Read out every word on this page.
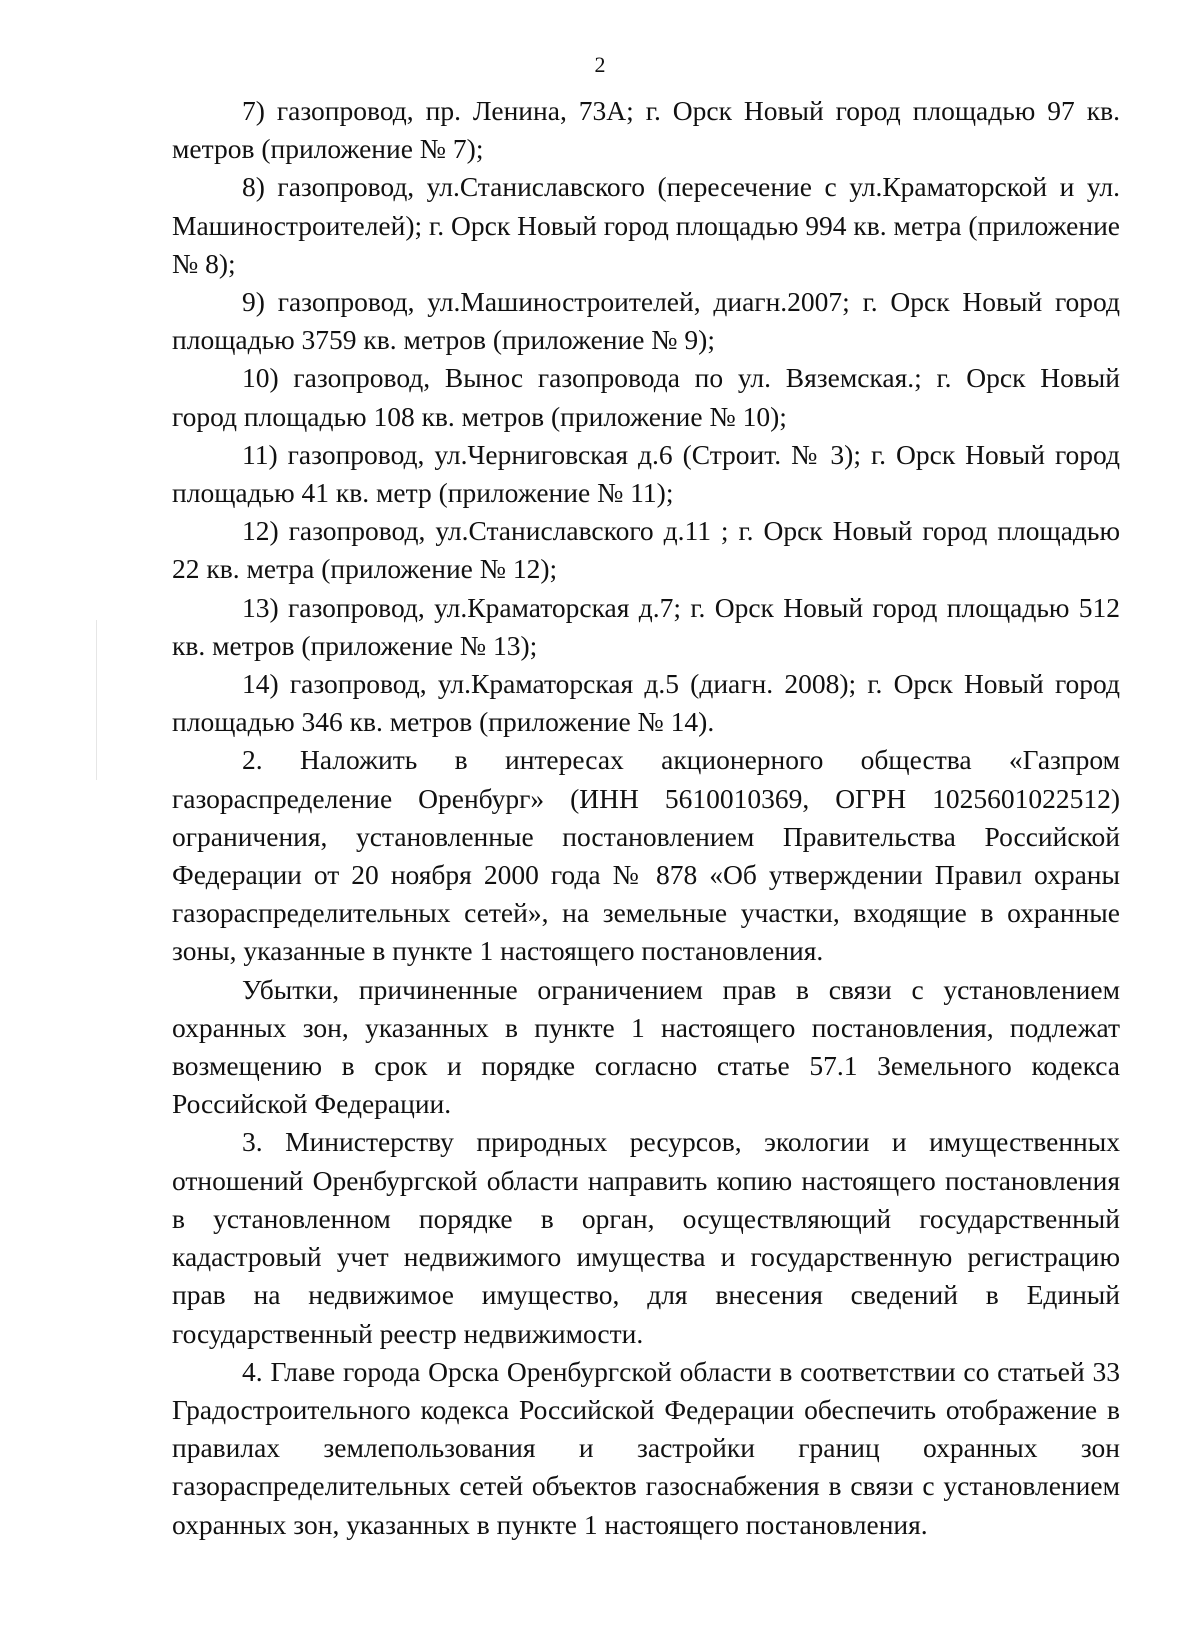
2

7) газопровод, пр. Ленина, 73А; г. Орск Новый город площадью 97 кв. метров (приложение № 7);

8) газопровод, ул.Станиславского (пересечение с ул.Краматорской и ул. Машиностроителей); г. Орск Новый город площадью 994 кв. метра (приложение № 8);

9) газопровод, ул.Машиностроителей, диагн.2007; г. Орск Новый город площадью 3759 кв. метров (приложение № 9);

10) газопровод, Вынос газопровода по ул. Вяземская.; г. Орск Новый город площадью 108 кв. метров (приложение № 10);

11) газопровод, ул.Черниговская д.6 (Строит. № 3); г. Орск Новый город площадью 41 кв. метр (приложение № 11);

12) газопровод, ул.Станиславского д.11 ; г. Орск Новый город площадью 22 кв. метра (приложение № 12);

13) газопровод, ул.Краматорская д.7; г. Орск Новый город площадью 512 кв. метров (приложение № 13);

14) газопровод, ул.Краматорская д.5 (диагн. 2008); г. Орск Новый город площадью 346 кв. метров (приложение № 14).

2. Наложить в интересах акционерного общества «Газпром газораспределение Оренбург» (ИНН 5610010369, ОГРН 1025601022512) ограничения, установленные постановлением Правительства Российской Федерации от 20 ноября 2000 года № 878 «Об утверждении Правил охраны газораспределительных сетей», на земельные участки, входящие в охранные зоны, указанные в пункте 1 настоящего постановления.

Убытки, причиненные ограничением прав в связи с установлением охранных зон, указанных в пункте 1 настоящего постановления, подлежат возмещению в срок и порядке согласно статье 57.1 Земельного кодекса Российской Федерации.

3. Министерству природных ресурсов, экологии и имущественных отношений Оренбургской области направить копию настоящего постановления в установленном порядке в орган, осуществляющий государственный кадастровый учет недвижимого имущества и государственную регистрацию прав на недвижимое имущество, для внесения сведений в Единый государственный реестр недвижимости.

4. Главе города Орска Оренбургской области в соответствии со статьей 33 Градостроительного кодекса Российской Федерации обеспечить отображение в правилах землепользования и застройки границ охранных зон газораспределительных сетей объектов газоснабжения в связи с установлением охранных зон, указанных в пункте 1 настоящего постановления.
